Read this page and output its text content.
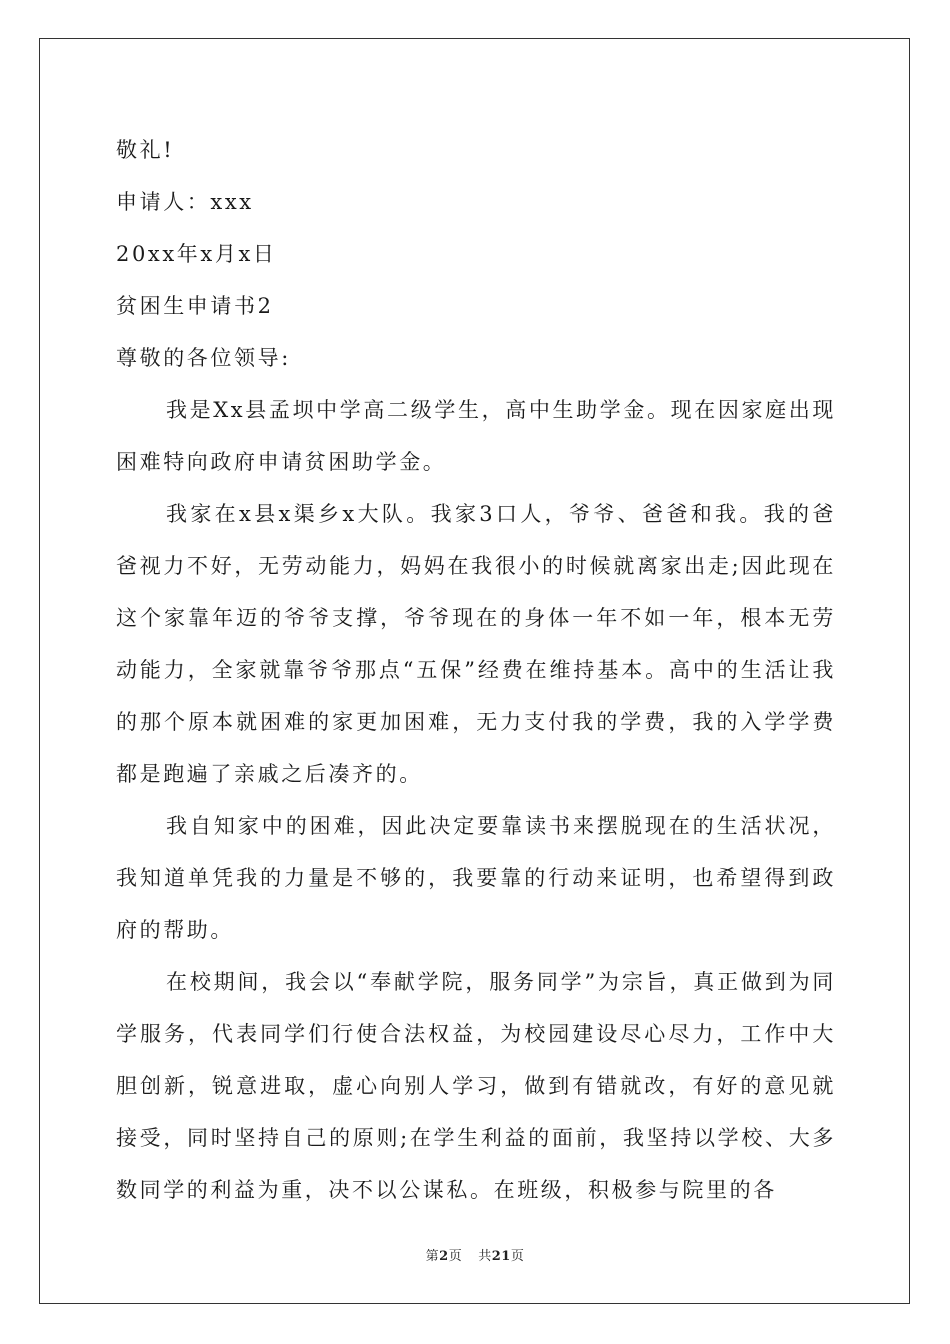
敬礼!
申请人：xxx
20xx年x月x日
贫困生申请书2
尊敬的各位领导:

我是Xx县孟坝中学高二级学生，高中生助学金。现在因家庭出现困难特向政府申请贫困助学金。

我家在x县x渠乡x大队。我家3口人，爷爷、爸爸和我。我的爸爸视力不好，无劳动能力，妈妈在我很小的时候就离家出走;因此现在这个家靠年迈的爷爷支撑，爷爷现在的身体一年不如一年，根本无劳动能力，全家就靠爷爷那点“五保”经费在维持基本。高中的生活让我的那个原本就困难的家更加困难，无力支付我的学费，我的入学学费都是跑遍了亲戚之后凑齐的。

我自知家中的困难，因此决定要靠读书来摆脱现在的生活状况，我知道单凭我的力量是不够的，我要靠的行动来证明，也希望得到政府的帮助。

在校期间，我会以“奉献学院，服务同学”为宗旨，真正做到为同学服务，代表同学们行使合法权益，为校园建设尽心尽力，工作中大胆创新，锐意进取，虚心向别人学习，做到有错就改，有好的意见就接受，同时坚持自己的原则;在学生利益的面前，我坚持以学校、大多数同学的利益为重，决不以公谋私。在班级，积极参与院里的各

第2页 共21页
